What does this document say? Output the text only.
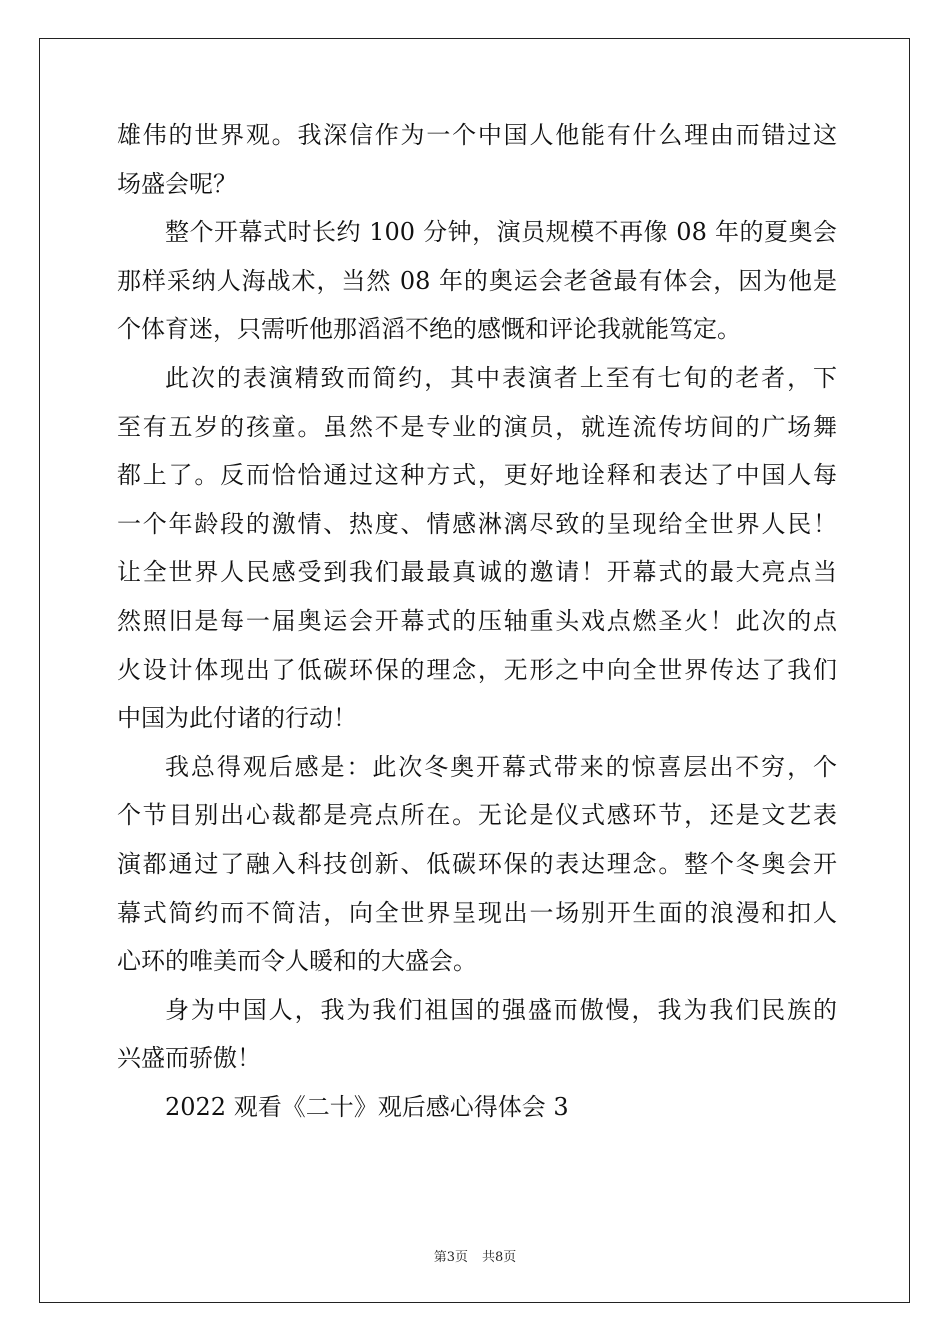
雄伟的世界观。我深信作为一个中国人他能有什么理由而错过这
场盛会呢？
整个开幕式时长约 100 分钟，演员规模不再像 08 年的夏奥会
那样采纳人海战术，当然 08 年的奥运会老爸最有体会，因为他是
个体育迷，只需听他那滔滔不绝的感慨和评论我就能笃定。
此次的表演精致而简约，其中表演者上至有七旬的老者，下
至有五岁的孩童。虽然不是专业的演员，就连流传坊间的广场舞
都上了。反而恰恰通过这种方式，更好地诠释和表达了中国人每
一个年龄段的激情、热度、情感淋漓尽致的呈现给全世界人民！
让全世界人民感受到我们最最真诚的邀请！开幕式的最大亮点当
然照旧是每一届奥运会开幕式的压轴重头戏点燃圣火！此次的点
火设计体现出了低碳环保的理念，无形之中向全世界传达了我们
中国为此付诸的行动！
我总得观后感是：此次冬奥开幕式带来的惊喜层出不穷，个
个节目别出心裁都是亮点所在。无论是仪式感环节，还是文艺表
演都通过了融入科技创新、低碳环保的表达理念。整个冬奥会开
幕式简约而不简洁，向全世界呈现出一场别开生面的浪漫和扣人
心环的唯美而令人暖和的大盛会。
身为中国人，我为我们祖国的强盛而傲慢，我为我们民族的
兴盛而骄傲！
2022 观看《二十》观后感心得体会 3
第3页 共8页
